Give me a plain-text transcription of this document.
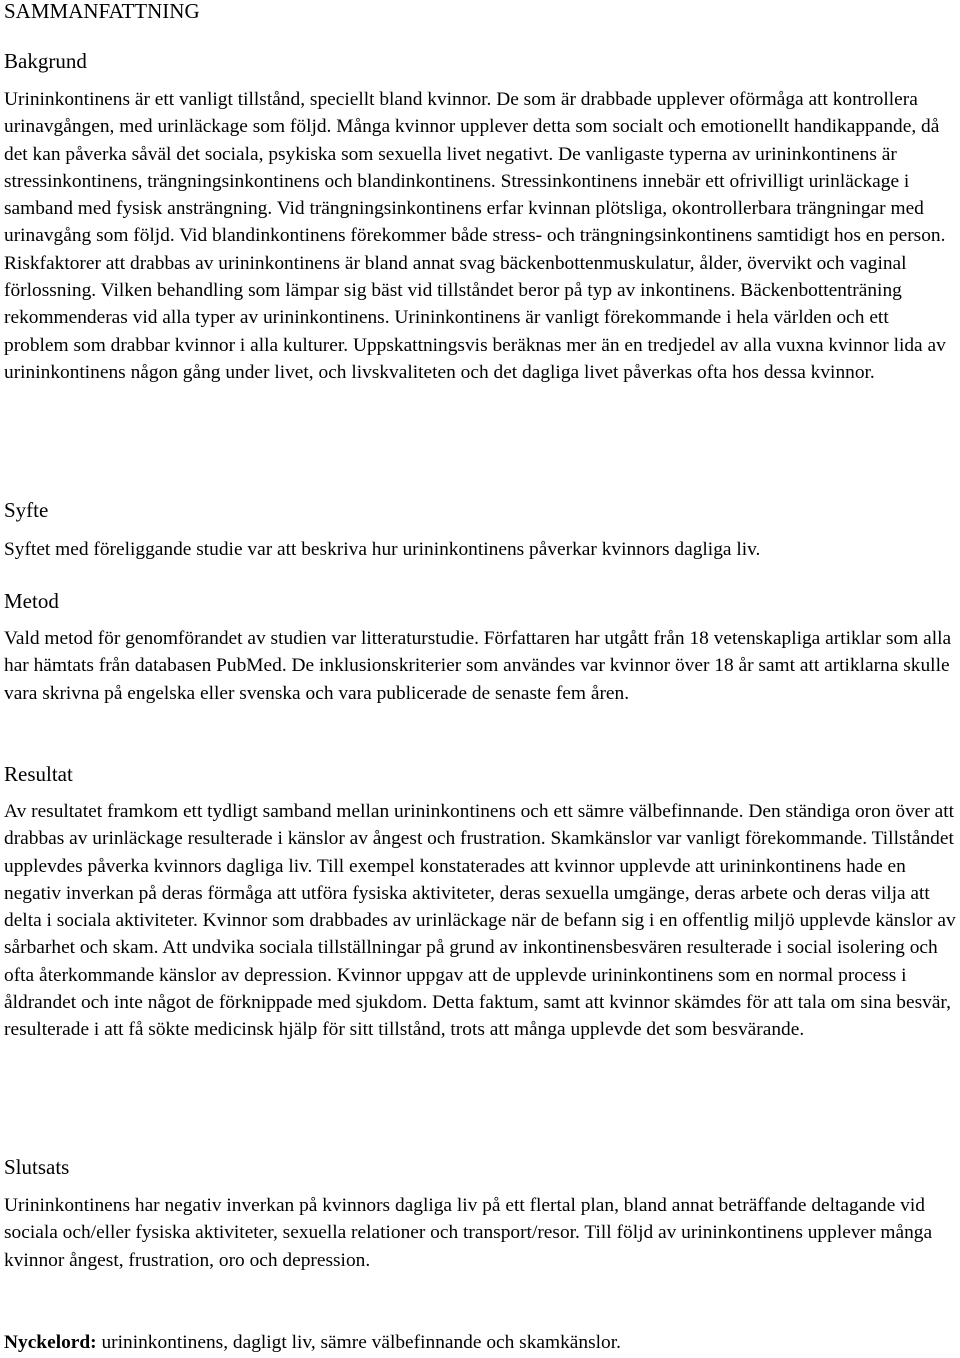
SAMMANFATTNING
Bakgrund

Urininkontinens är ett vanligt tillstånd, speciellt bland kvinnor. De som är drabbade upplever oförmåga att kontrollera urinavgången, med urinläckage som följd. Många kvinnor upplever detta som socialt och emotionellt handikappande, då det kan påverka såväl det sociala, psykiska som sexuella livet negativt. De vanligaste typerna av urininkontinens är stressinkontinens, trängningsinkontinens och blandinkontinens. Stressinkontinens innebär ett ofrivilligt urinläckage i samband med fysisk ansträngning. Vid trängningsinkontinens erfar kvinnan plötsliga, okontrollerbara trängningar med urinavgång som följd. Vid blandinkontinens förekommer både stress- och trängningsinkontinens samtidigt hos en person. Riskfaktorer att drabbas av urininkontinens är bland annat svag bäckenbottenmuskulatur, ålder, övervikt och vaginal förlossning. Vilken behandling som lämpar sig bäst vid tillståndet beror på typ av inkontinens. Bäckenbottenträning rekommenderas vid alla typer av urininkontinens. Urininkontinens är vanligt förekommande i hela världen och ett problem som drabbar kvinnor i alla kulturer. Uppskattningsvis beräknas mer än en tredjedel av alla vuxna kvinnor lida av urininkontinens någon gång under livet, och livskvaliteten och det dagliga livet påverkas ofta hos dessa kvinnor.

Syfte

Syftet med föreliggande studie var att beskriva hur urininkontinens påverkar kvinnors dagliga liv.

Metod

Vald metod för genomförandet av studien var litteraturstudie. Författaren har utgått från 18 vetenskapliga artiklar som alla har hämtats från databasen PubMed. De inklusionskriterier som användes var kvinnor över 18 år samt att artiklarna skulle vara skrivna på engelska eller svenska och vara publicerade de senaste fem åren.

Resultat

Av resultatet framkom ett tydligt samband mellan urininkontinens och ett sämre välbefinnande. Den ständiga oron över att drabbas av urinläckage resulterade i känslor av ångest och frustration. Skamkänslor var vanligt förekommande. Tillståndet upplevdes påverka kvinnors dagliga liv. Till exempel konstaterades att kvinnor upplevde att urininkontinens hade en negativ inverkan på deras förmåga att utföra fysiska aktiviteter, deras sexuella umgänge, deras arbete och deras vilja att delta i sociala aktiviteter. Kvinnor som drabbades av urinläckage när de befann sig i en offentlig miljö upplevde känslor av sårbarhet och skam. Att undvika sociala tillställningar på grund av inkontinensbesvären resulterade i social isolering och ofta återkommande känslor av depression. Kvinnor uppgav att de upplevde urininkontinens som en normal process i åldrandet och inte något de förknippade med sjukdom. Detta faktum, samt att kvinnor skämdes för att tala om sina besvär, resulterade i att få sökte medicinsk hjälp för sitt tillstånd, trots att många upplevde det som besvärande.

Slutsats

Urininkontinens har negativ inverkan på kvinnors dagliga liv på ett flertal plan, bland annat beträffande deltagande vid sociala och/eller fysiska aktiviteter, sexuella relationer och transport/resor. Till följd av urininkontinens upplever många kvinnor ångest, frustration, oro och depression.

Nyckelord: urininkontinens, dagligt liv, sämre välbefinnande och skamkänslor.
